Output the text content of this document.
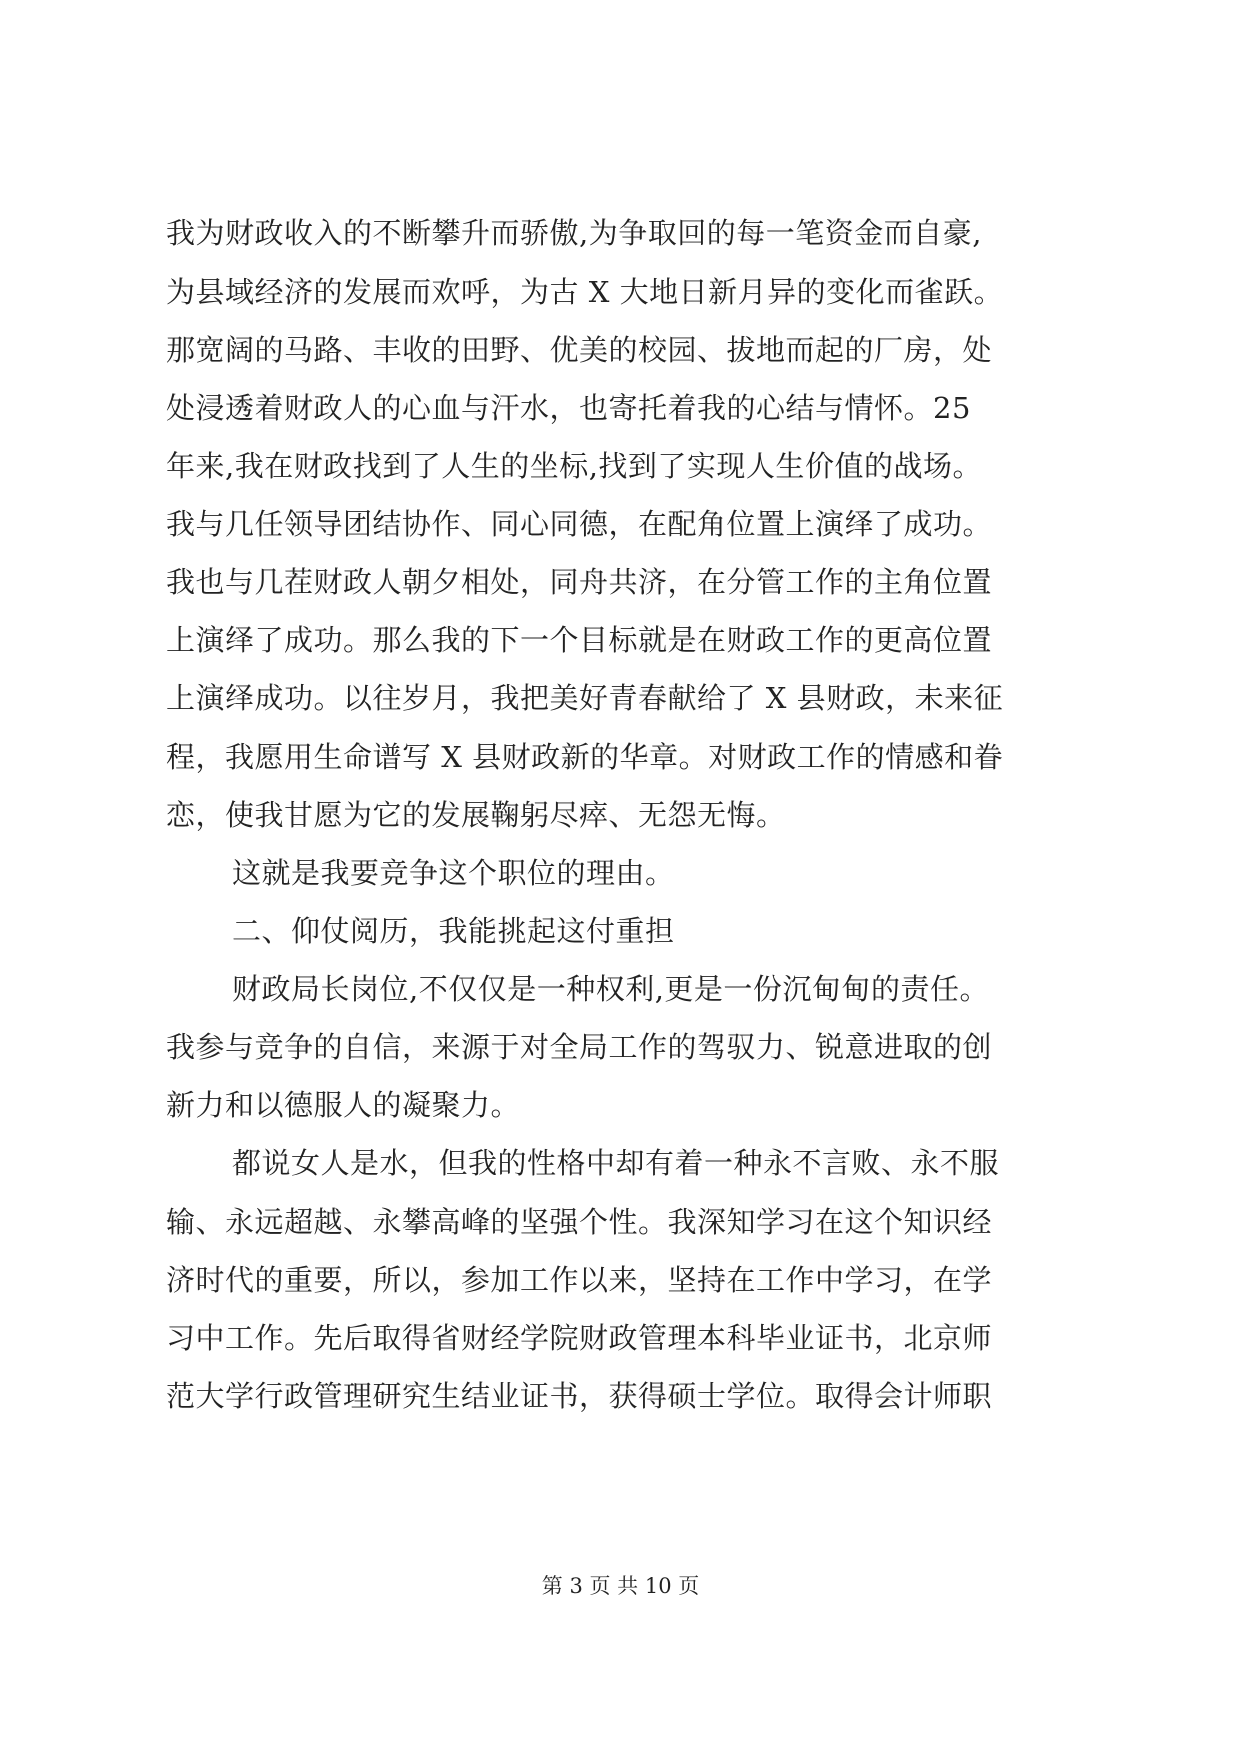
我为财政收入的不断攀升而骄傲,为争取回的每一笔资金而自豪,
为县域经济的发展而欢呼，为古 X 大地日新月异的变化而雀跃。
那宽阔的马路、丰收的田野、优美的校园、拔地而起的厂房，处
处浸透着财政人的心血与汗水，也寄托着我的心结与情怀。25
年来,我在财政找到了人生的坐标,找到了实现人生价值的战场。
我与几任领导团结协作、同心同德，在配角位置上演绎了成功。
我也与几茬财政人朝夕相处，同舟共济，在分管工作的主角位置
上演绎了成功。那么我的下一个目标就是在财政工作的更高位置
上演绎成功。以往岁月，我把美好青春献给了 X 县财政，未来征
程，我愿用生命谱写 X 县财政新的华章。对财政工作的情感和眷
恋，使我甘愿为它的发展鞠躬尽瘁、无怨无悔。
这就是我要竞争这个职位的理由。
二、仰仗阅历，我能挑起这付重担
财政局长岗位,不仅仅是一种权利,更是一份沉甸甸的责任。
我参与竞争的自信，来源于对全局工作的驾驭力、锐意进取的创
新力和以德服人的凝聚力。
都说女人是水，但我的性格中却有着一种永不言败、永不服
输、永远超越、永攀高峰的坚强个性。我深知学习在这个知识经
济时代的重要，所以，参加工作以来，坚持在工作中学习，在学
习中工作。先后取得省财经学院财政管理本科毕业证书，北京师
范大学行政管理研究生结业证书，获得硕士学位。取得会计师职
第 3 页 共 10 页
